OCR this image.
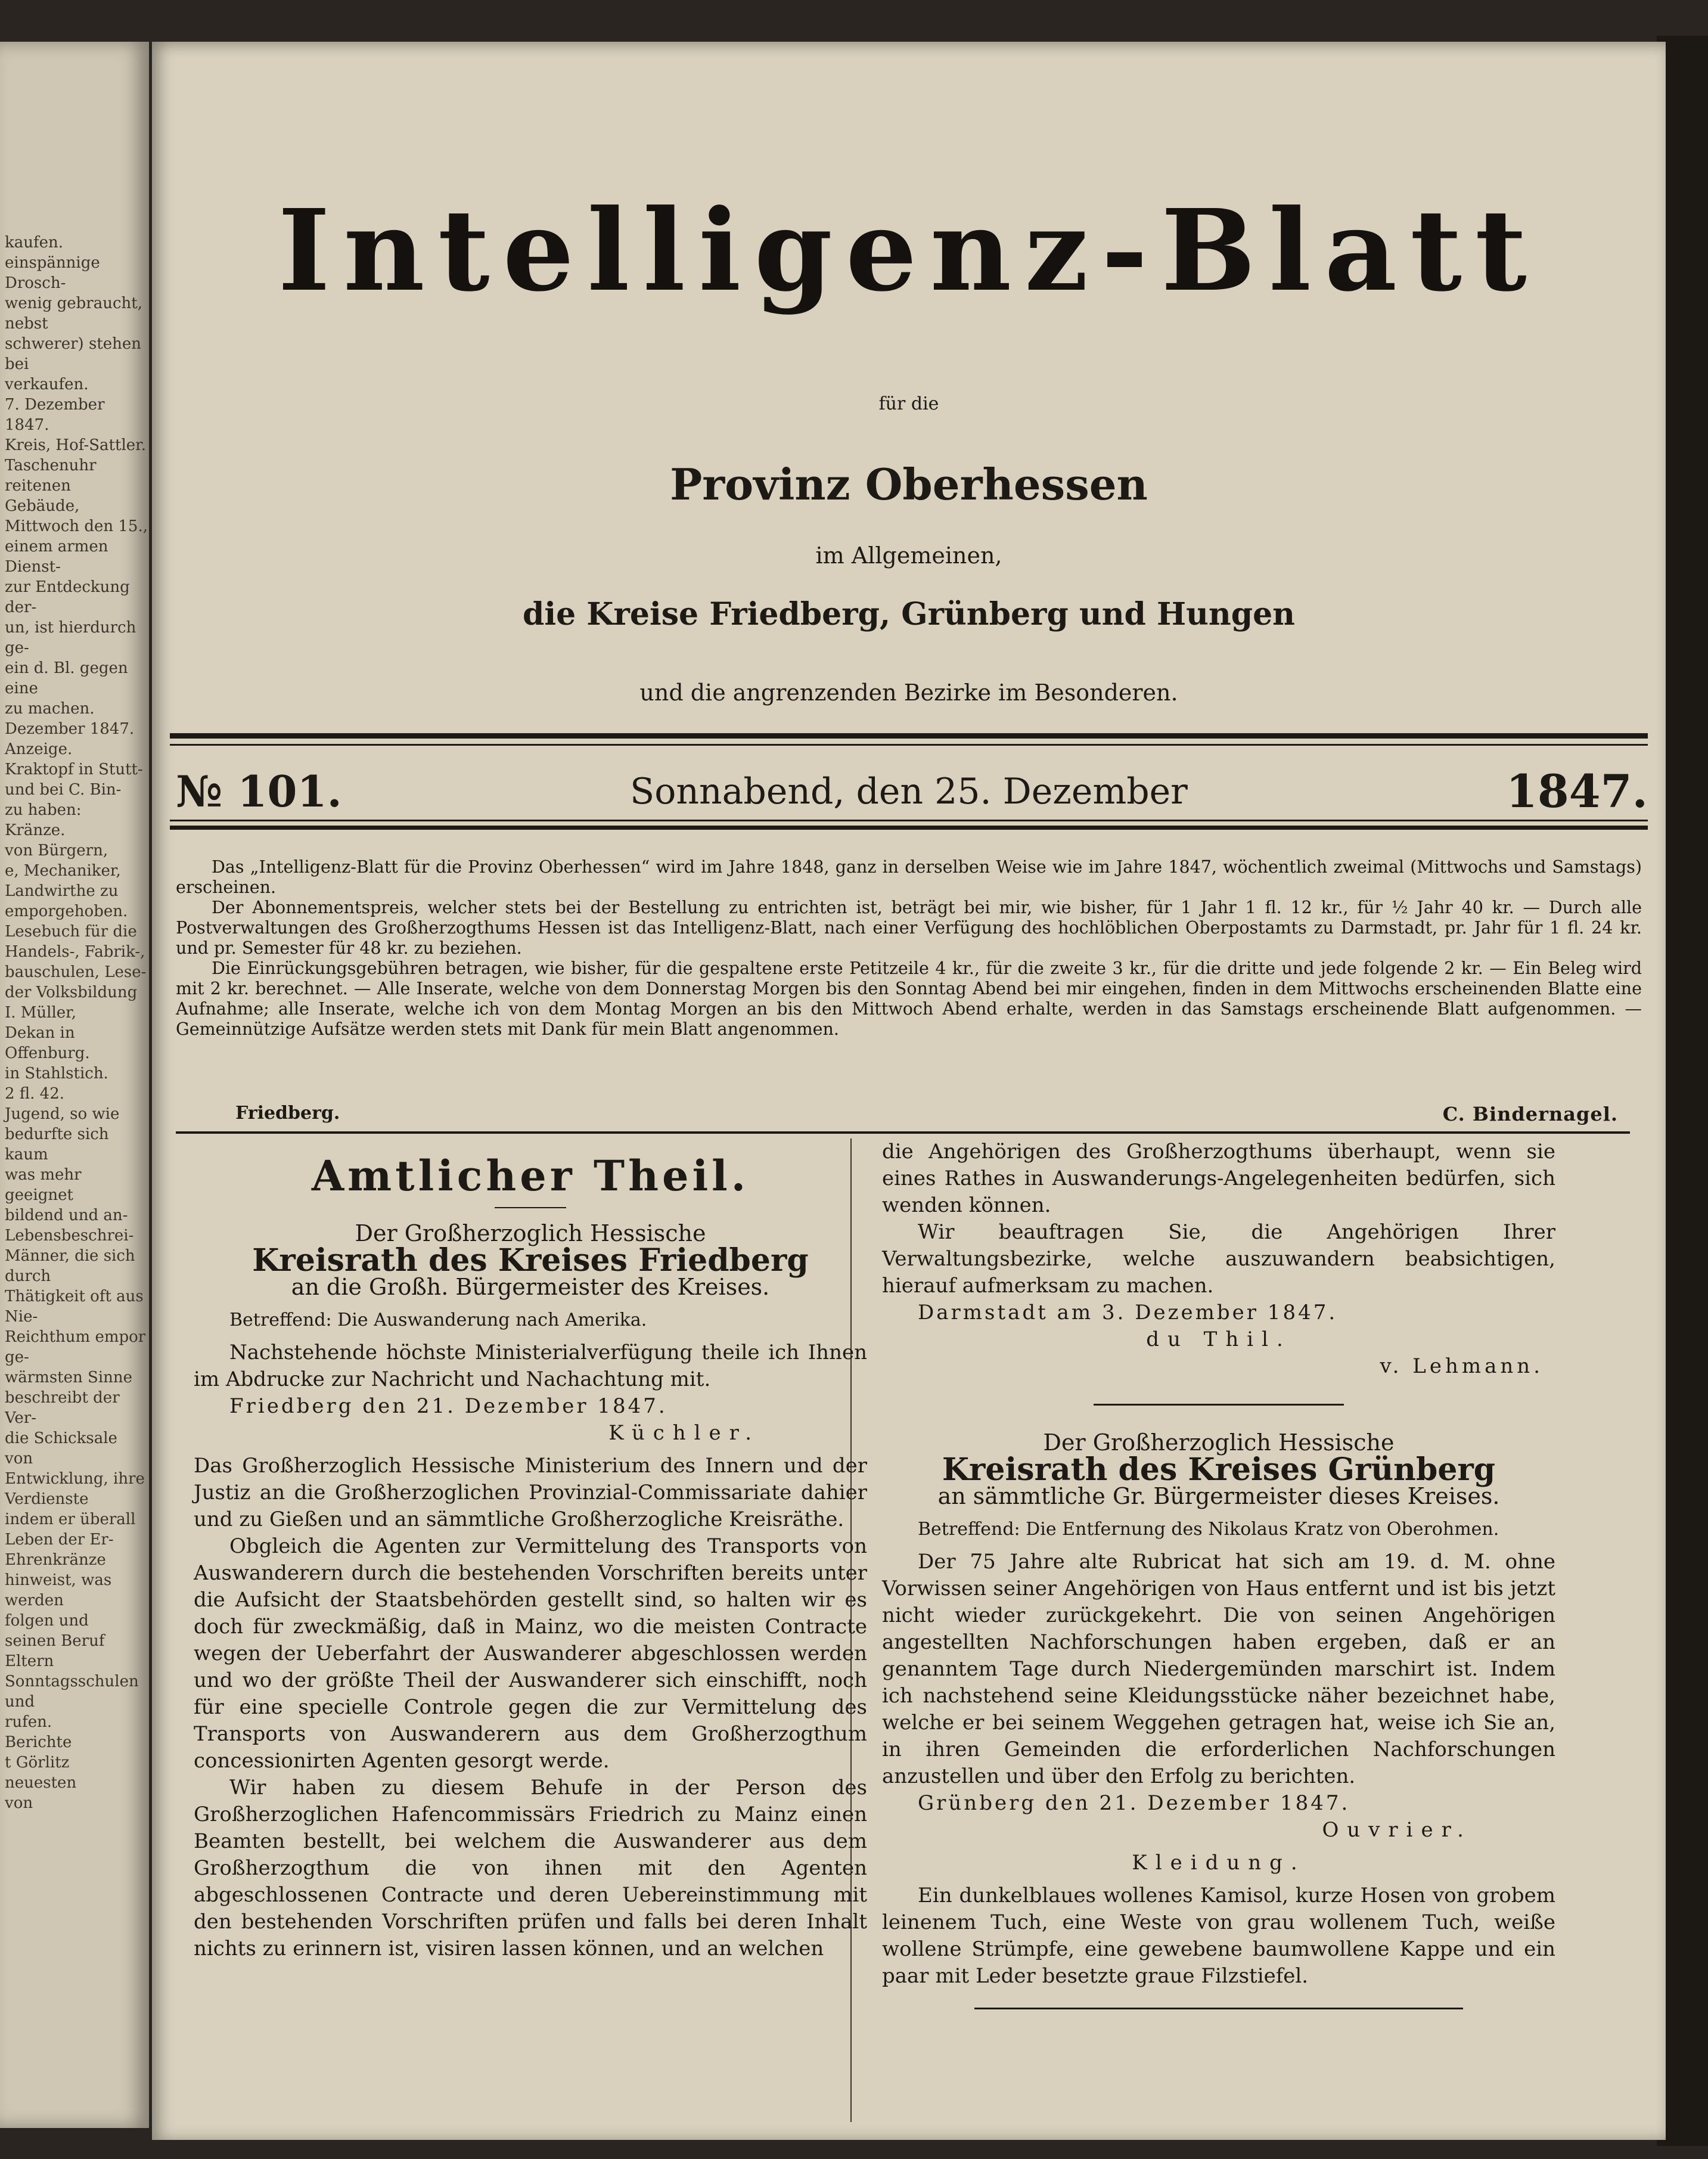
kaufen.
einspännige Drosch-
wenig gebraucht, nebst
schwerer) stehen bei
verkaufen.
7. Dezember 1847.
Kreis, Hof-Sattler.
Taschenuhr
reitenen Gebäude,
Mittwoch den 15.,
einem armen Dienst-
zur Entdeckung der-
un, ist hierdurch ge-
ein d. Bl. gegen eine
zu machen.
Dezember 1847.
Anzeige.
Kraktopf in Stutt-
und bei C. Bin-
zu haben:
Kränze.
von Bürgern,
e, Mechaniker,
Landwirthe zu
emporgehoben.
Lesebuch für die
Handels-, Fabrik-,
bauschulen, Lese-
der Volksbildung
I. Müller,
Dekan in Offenburg.
in Stahlstich.
2 fl. 42.
Jugend, so wie
bedurfte sich kaum
was mehr geeignet
bildend und an-
Lebensbeschrei-
Männer, die sich durch
Thätigkeit oft aus Nie-
Reichthum empor ge-
wärmsten Sinne
beschreibt der Ver-
die Schicksale von
Entwicklung, ihre
Verdienste
indem er überall
Leben der Er-
Ehrenkränze
hinweist, was
werden
folgen und
seinen Beruf
Eltern
Sonntagsschulen und
rufen.
Berichte
t Görlitz
neuesten
von
Intelligenz-Blatt
für die
Provinz Oberhessen
im Allgemeinen,
die Kreise Friedberg, Grünberg und Hungen
und die angrenzenden Bezirke im Besonderen.
№ 101.	Sonnabend, den 25. Dezember	1847.

Das „Intelligenz-Blatt für die Provinz Oberhessen“ wird im Jahre 1848, ganz in derselben Weise wie im Jahre 1847, wöchentlich zweimal (Mittwochs und Samstags) erscheinen.

Der Abonnementspreis, welcher stets bei der Bestellung zu entrichten ist, beträgt bei mir, wie bisher, für 1 Jahr 1 fl. 12 kr., für ½ Jahr 40 kr. — Durch alle Postverwaltungen des Großherzogthums Hessen ist das Intelligenz-Blatt, nach einer Verfügung des hochlöblichen Oberpostamts zu Darmstadt, pr. Jahr für 1 fl. 24 kr. und pr. Semester für 48 kr. zu beziehen.

Die Einrückungsgebühren betragen, wie bisher, für die gespaltene erste Petitzeile 4 kr., für die zweite 3 kr., für die dritte und jede folgende 2 kr. — Ein Beleg wird mit 2 kr. berechnet. — Alle Inserate, welche von dem Donnerstag Morgen bis den Sonntag Abend bei mir eingehen, finden in dem Mittwochs erscheinenden Blatte eine Aufnahme; alle Inserate, welche ich von dem Montag Morgen an bis den Mittwoch Abend erhalte, werden in das Samstags erscheinende Blatt aufgenommen. — Gemeinnützige Aufsätze werden stets mit Dank für mein Blatt angenommen.

Friedberg.	C. Bindernagel.
Amtlicher Theil.
Der Großherzoglich Hessische
Kreisrath des Kreises Friedberg
an die Großh. Bürgermeister des Kreises.
Betreffend: Die Auswanderung nach Amerika.
Nachstehende höchste Ministerialverfügung theile ich Ihnen im Abdrucke zur Nachricht und Nachachtung mit.
Friedberg den 21. Dezember 1847.
Küchler.
Das Großherzoglich Hessische Ministerium des Innern und der Justiz an die Großherzoglichen Provinzial-Commissariate dahier und zu Gießen und an sämmtliche Großherzogliche Kreisräthe.
Obgleich die Agenten zur Vermittelung des Transports von Auswanderern durch die bestehenden Vorschriften bereits unter die Aufsicht der Staatsbehörden gestellt sind, so halten wir es doch für zweckmäßig, daß in Mainz, wo die meisten Contracte wegen der Ueberfahrt der Auswanderer abgeschlossen werden und wo der größte Theil der Auswanderer sich einschifft, noch für eine specielle Controle gegen die zur Vermittelung des Transports von Auswanderern aus dem Großherzogthum concessionirten Agenten gesorgt werde.
Wir haben zu diesem Behufe in der Person des Großherzoglichen Hafencommissärs Friedrich zu Mainz einen Beamten bestellt, bei welchem die Auswanderer aus dem Großherzogthum die von ihnen mit den Agenten abgeschlossenen Contracte und deren Uebereinstimmung mit den bestehenden Vorschriften prüfen und falls bei deren Inhalt nichts zu erinnern ist, visiren lassen können, und an welchen
die Angehörigen des Großherzogthums überhaupt, wenn sie eines Rathes in Auswanderungs-Angelegenheiten bedürfen, sich wenden können.
Wir beauftragen Sie, die Angehörigen Ihrer Verwaltungsbezirke, welche auszuwandern beabsichtigen, hierauf aufmerksam zu machen.
Darmstadt am 3. Dezember 1847.
du Thil.
v. Lehmann.
Der Großherzoglich Hessische
Kreisrath des Kreises Grünberg
an sämmtliche Gr. Bürgermeister dieses Kreises.
Betreffend: Die Entfernung des Nikolaus Kratz von Oberohmen.
Der 75 Jahre alte Rubricat hat sich am 19. d. M. ohne Vorwissen seiner Angehörigen von Haus entfernt und ist bis jetzt nicht wieder zurückgekehrt. Die von seinen Angehörigen angestellten Nachforschungen haben ergeben, daß er an genanntem Tage durch Niedergemünden marschirt ist. Indem ich nachstehend seine Kleidungsstücke näher bezeichnet habe, welche er bei seinem Weggehen getragen hat, weise ich Sie an, in ihren Gemeinden die erforderlichen Nachforschungen anzustellen und über den Erfolg zu berichten.
Grünberg den 21. Dezember 1847.
Ouvrier.
Kleidung.
Ein dunkelblaues wollenes Kamisol, kurze Hosen von grobem leinenem Tuch, eine Weste von grau wollenem Tuch, weiße wollene Strümpfe, eine gewebene baumwollene Kappe und ein paar mit Leder besetzte graue Filzstiefel.
